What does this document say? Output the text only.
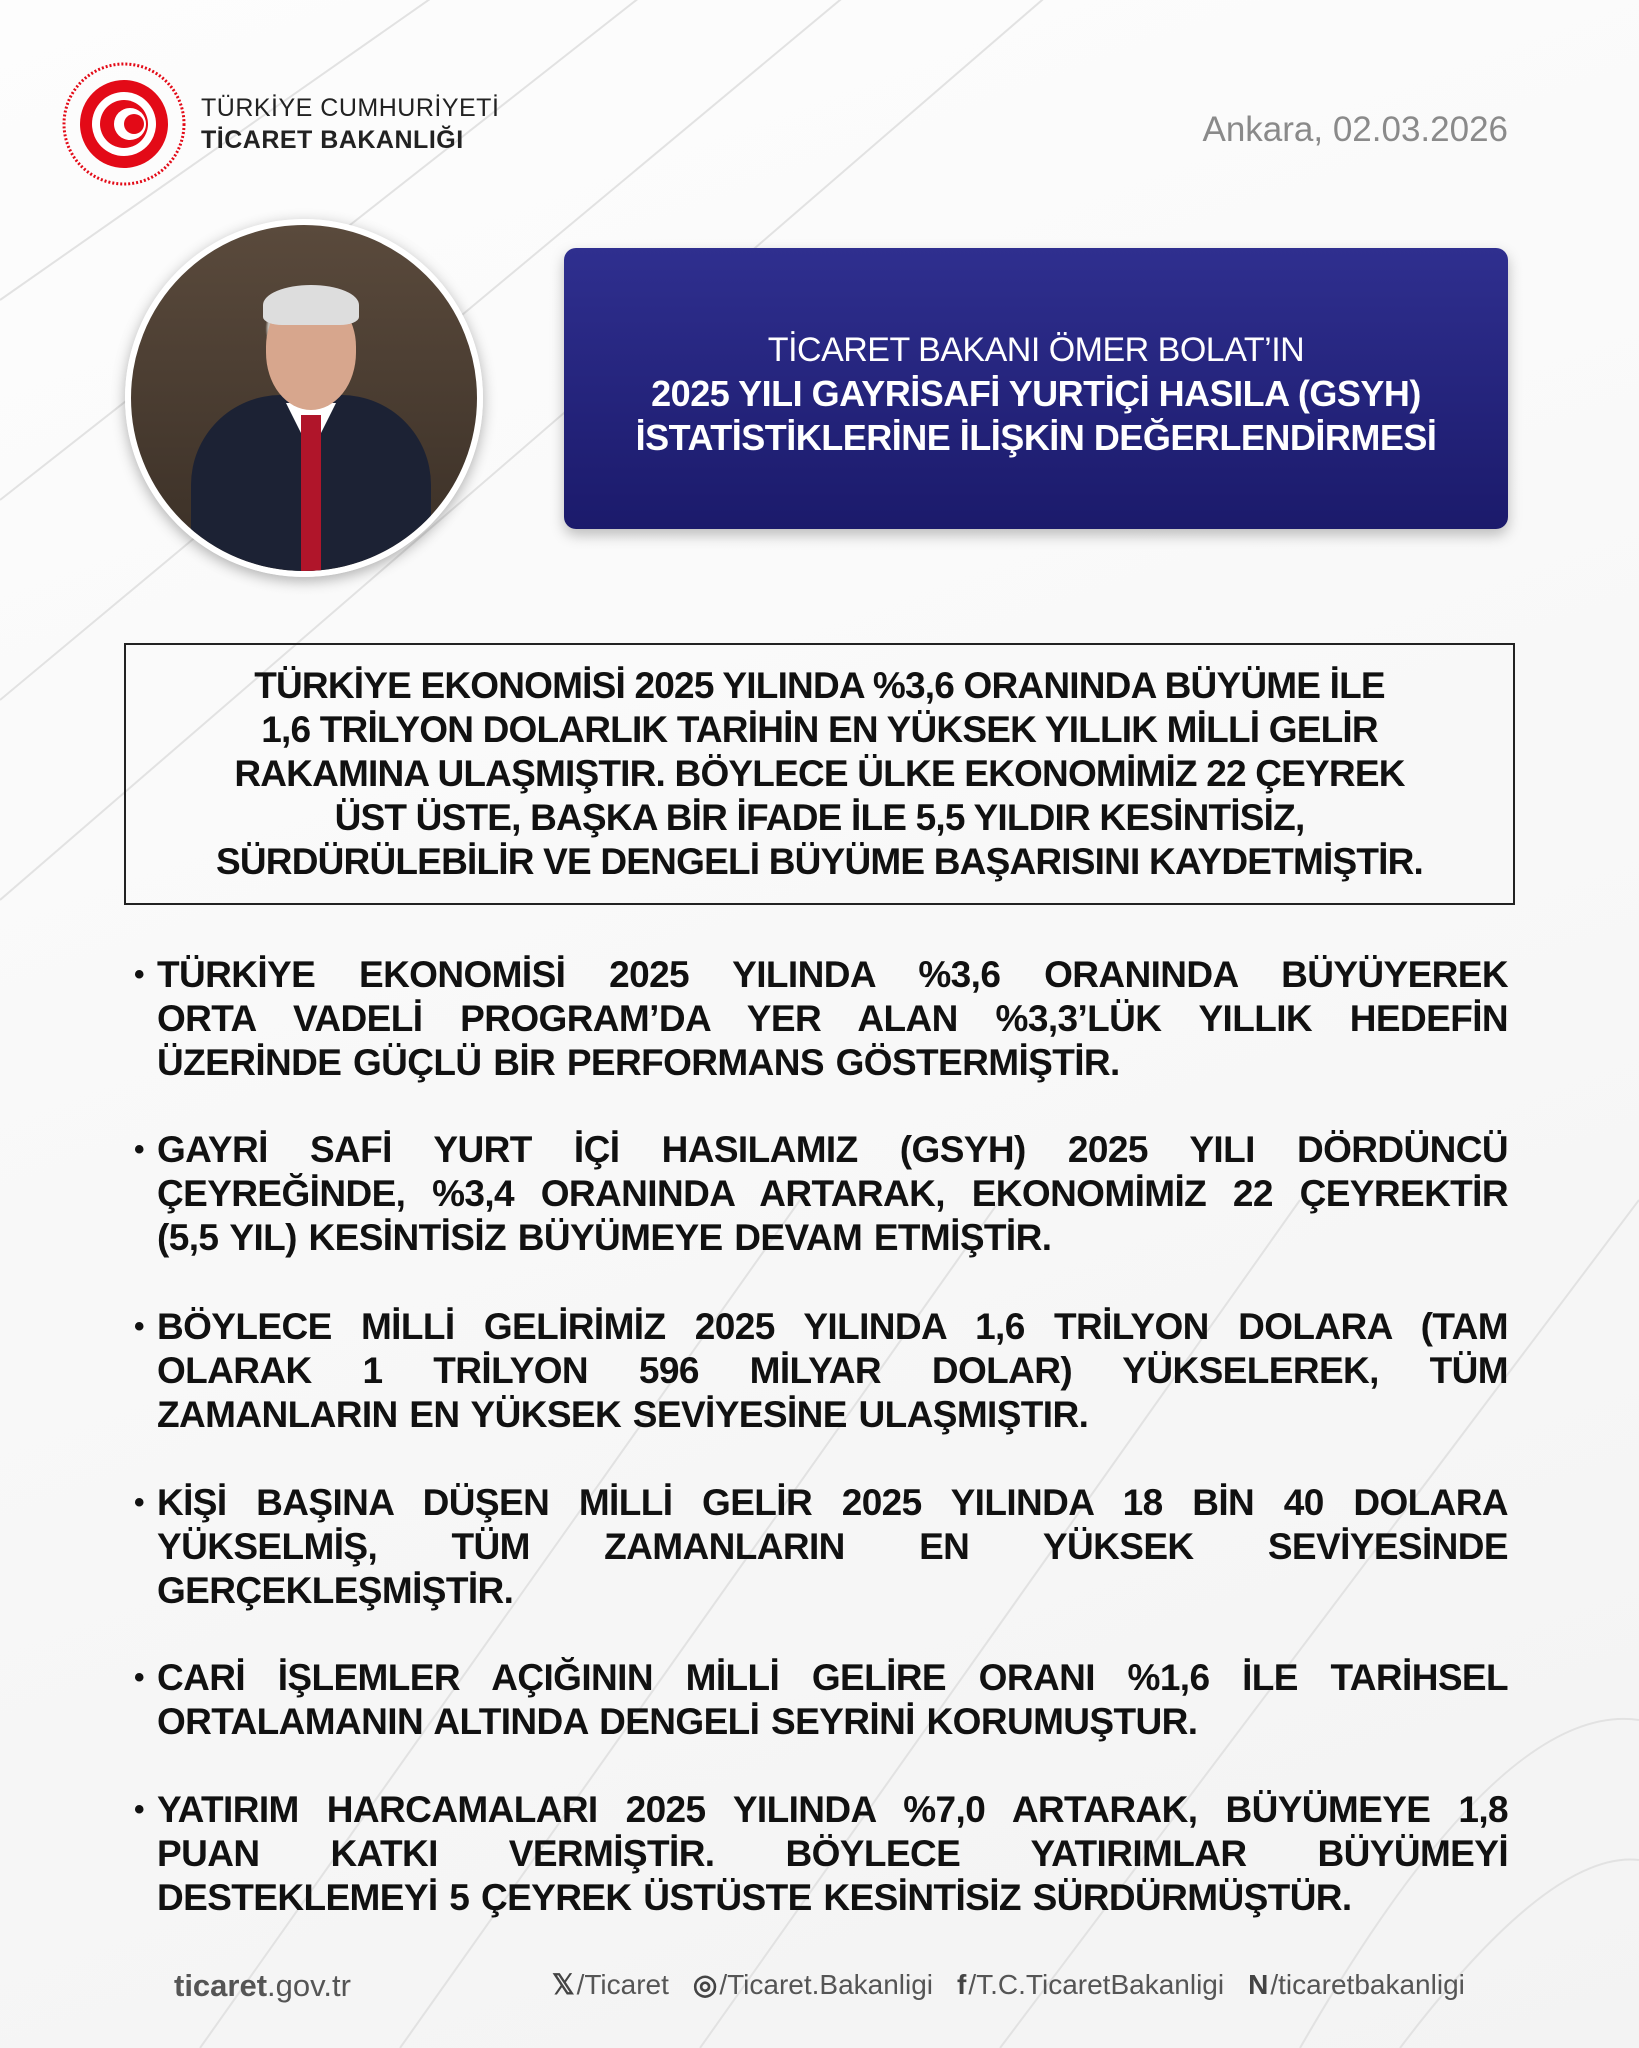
TÜRKİYE CUMHURİYETİ
TİCARET BAKANLIĞI	Ankara, 02.03.2026
TİCARET BAKANI ÖMER BOLAT’IN
2025 YILI GAYRİSAFİ YURTİÇİ HASILA (GSYH)
İSTATİSTİKLERİNE İLİŞKİN DEĞERLENDİRMESİ
TÜRKİYE EKONOMİSİ 2025 YILINDA %3,6 ORANINDA BÜYÜME İLE
1,6 TRİLYON DOLARLIK TARİHİN EN YÜKSEK YILLIK MİLLİ GELİR
RAKAMINA ULAŞMIŞTIR. BÖYLECE ÜLKE EKONOMİMİZ 22 ÇEYREK
ÜST ÜSTE, BAŞKA BİR İFADE İLE 5,5 YILDIR KESİNTİSİZ,
SÜRDÜRÜLEBİLİR VE DENGELİ BÜYÜME BAŞARISINI KAYDETMİŞTİR.
• TÜRKİYE EKONOMİSİ 2025 YILINDA %3,6 ORANINDA BÜYÜYEREK
ORTA VADELİ PROGRAM’DA YER ALAN %3,3’LÜK YILLIK HEDEFİN
ÜZERİNDE GÜÇLÜ BİR PERFORMANS GÖSTERMİŞTİR.
• GAYRİ SAFİ YURT İÇİ HASILAMIZ (GSYH) 2025 YILI DÖRDÜNCÜ
ÇEYREĞİNDE, %3,4 ORANINDA ARTARAK, EKONOMİMİZ 22 ÇEYREKTİR
(5,5 YIL) KESİNTİSİZ BÜYÜMEYE DEVAM ETMİŞTİR.
• BÖYLECE MİLLİ GELİRİMİZ 2025 YILINDA 1,6 TRİLYON DOLARA (TAM
OLARAK 1 TRİLYON 596 MİLYAR DOLAR) YÜKSELEREK, TÜM
ZAMANLARIN EN YÜKSEK SEVİYESİNE ULAŞMIŞTIR.
• KİŞİ BAŞINA DÜŞEN MİLLİ GELİR 2025 YILINDA 18 BİN 40 DOLARA
YÜKSELMİŞ, TÜM ZAMANLARIN EN YÜKSEK SEVİYESİNDE
GERÇEKLEŞMİŞTİR.
• CARİ İŞLEMLER AÇIĞININ MİLLİ GELİRE ORANI %1,6 İLE TARİHSEL
ORTALAMANIN ALTINDA DENGELİ SEYRİNİ KORUMUŞTUR.
• YATIRIM HARCAMALARI 2025 YILINDA %7,0 ARTARAK, BÜYÜMEYE 1,8
PUAN KATKI VERMİŞTİR. BÖYLECE YATIRIMLAR BÜYÜMEYİ
DESTEKLEMEYİ 5 ÇEYREK ÜSTÜSTE KESİNTİSİZ SÜRDÜRMÜŞTÜR.
ticaret.gov.tr	𝕏 /Ticaret ◎ /Ticaret.Bakanligi f /T.C.TicaretBakanligi N /ticaretbakanligi
